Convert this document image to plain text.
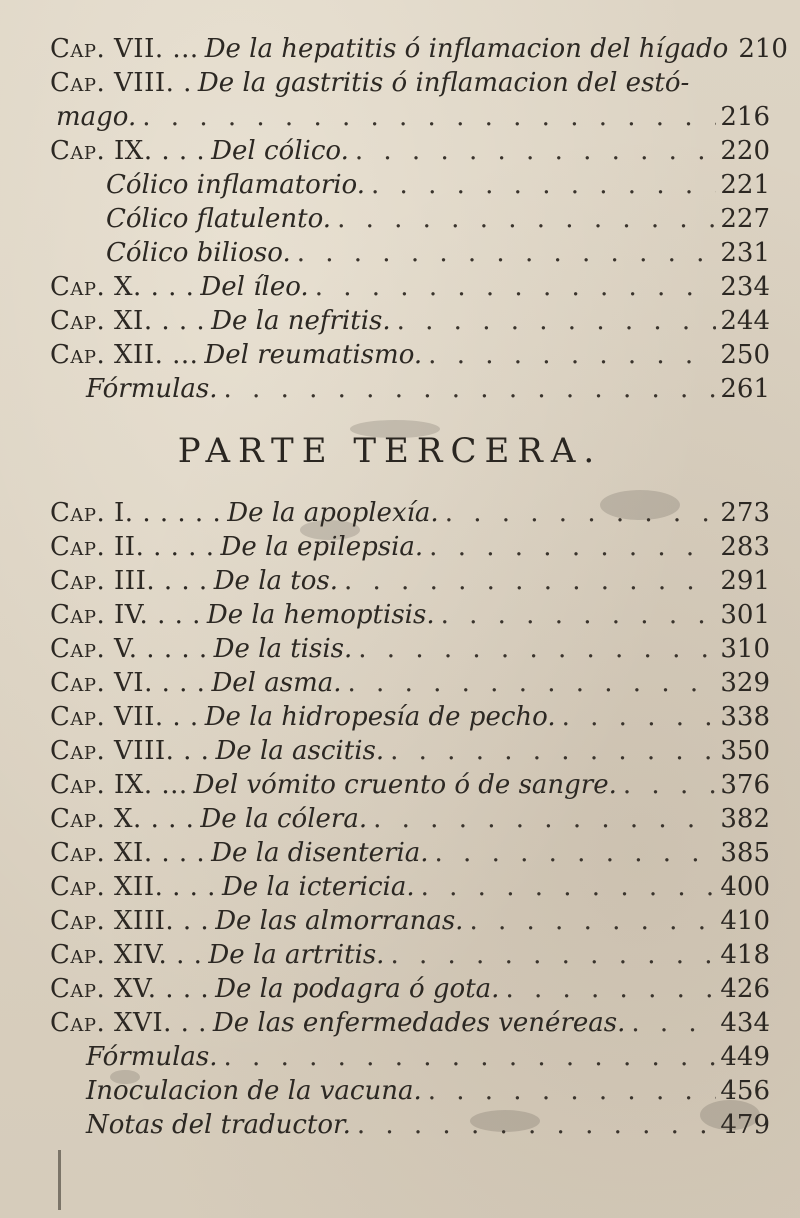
Cap. VII. ... De la hepatitis ó inflamacion del hígado 210
Cap. VIII. . De la gastritis ó inflamacion del estó-
mago. . . .	216
Cap. IX. . . . Del cólico. . . .	220
Cólico inflamatorio. . . .	221
Cólico flatulento. . . .	227
Cólico bilioso. . . .	231
Cap. X. . . . Del íleo. . . .	234
Cap. XI. . . . De la nefritis. . . .	244
Cap. XII. ... Del reumatismo. . . .	250
Fórmulas. . . .	261
PARTE TERCERA.
Cap. I. . . . . . De la apoplexía. . . .	273
Cap. II. . . . . De la epilepsia. . . .	283
Cap. III. . . . De la tos. . . .	291
Cap. IV. . . . De la hemoptisis. . . .	301
Cap. V. . . . . De la tisis. . . .	310
Cap. VI. . . . Del asma. . . .	329
Cap. VII. . . De la hidropesía de pecho. . . .	338
Cap. VIII. . . De la ascitis. . . .	350
Cap. IX. ... Del vómito cruento ó de sangre. . . .	376
Cap. X. . . . De la cólera. . . .	382
Cap. XI. . . . De la disenteria. . . .	385
Cap. XII. . . . De la ictericia. . . .	400
Cap. XIII. . . De las almorranas. . . .	410
Cap. XIV. . . De la artritis. . . .	418
Cap. XV. . . . De la podagra ó gota. . . .	426
Cap. XVI. . . De las enfermedades venéreas. . . .	434
Fórmulas. . . .	449
Inoculacion de la vacuna. . . .	456
Notas del traductor. . . .	479
